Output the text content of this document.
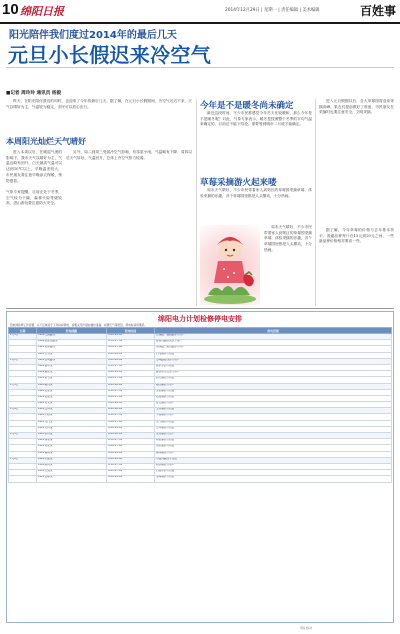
10 绵阳日报	2014年12月29日 | 星期一 | 责任编辑 | 美术编辑	百姓事
阳光陪伴我们度过2014年的最后几天
元旦小长假迟来冷空气
■记者 周玲玲 通讯员 杨毅

昨天，在阳光陪伴我们的同时，也迎来了今年的最后几天。据了解，在元旦小长假期间，冷空气迟迟不来，天气以晴好为主，气温较为稳定，市民可以放心出行。

本周阳光灿烂天气晴好

进入本周以后，在暖湿气流的影响下，我市天气以晴好为主，气温也略有回升，白天最高气温可以达到10℃以上，早晚温差较大，市民朋友要注意早晚添衣保暖，预防感冒。

气象专家提醒，目前正处于冬季，空气较为干燥，森林火险等级较高，进山游玩要注意防火安全。

另外，周二到周三受弱冷空气影响，有零星小雨，气温略有下降，周四以后天气转好，气温回升，总体上冷空气势力较弱。

今年是不是暖冬尚未确定

最近这段时间，不少市民都感觉今年冬天比较暖和，那么今年是不是暖冬呢？对此，气象专家表示，暖冬是按照整个冬季的平均气温来确定的，目前还不能下结论，需要等到明年二月底才能确定。

草莓采摘游火起来喽

周末天气晴好，不少市民带着家人到郊区的草莓园采摘草莓，体验采摘的乐趣，各个草莓园里都是人头攒动，十分热闹。

周末天气晴好，不少市民带着家人到郊区的草莓园采摘草莓，体验采摘的乐趣，各个草莓园里都是人头攒动，十分热闹。

进入元旦假期以后，各大草莓园将迎来采摘高峰，果农们提前做好了准备，市民朋友在采摘时也要注意安全，文明采摘。

据了解，今年草莓的价格与去年基本持平，普通品种每斤在15元到20元之间，一些新品种价格相对要高一些。

绵阳电力计划检修停电安排
因电网检修工作需要，以下区域将于下列时间停电，请相关用户提前做好准备。如遇天气等原因，停电时间将顺延。
日期	停电线路	停电时间	停电范围
1月1日	10kV红旗路线	8:00-18:00	红旗路、临园路部分用户
	10kV游仙西路线	8:30-17:30	游仙西路沿线部分用户
	10kV东津路线	9:00-17:00	东津路、富乐路部分用户
	10kV石马线	8:00-18:00	石马镇部分村组
1月2日	10kV涪城路线	8:00-18:00	涪城路沿线部分用户
	10kV高水线	8:30-17:30	高水乡部分村组
	10kV御营线	9:00-18:00	御营坝片区部分用户
	10kV新皂线	8:00-17:00	新皂镇部分村组
1月3日	10kV塘汛线	8:00-18:00	塘汛镇部分用户
	10kV吴家线	8:30-17:30	吴家镇部分村组
	10kV松垭线	9:00-17:00	松垭镇部分村组
	10kV青义线	8:00-18:00	青义镇部分用户
1月4日	10kV玉河线	8:00-18:00	玉河镇部分村组
	10kV丰谷线	8:30-17:30	丰谷镇部分用户
	10kV龙门线	9:00-17:00	龙门镇部分村组
	10kV忠兴线	8:00-18:00	忠兴镇部分村组
1月5日	10kV永兴线	8:00-18:00	永兴镇部分用户
	10kV杨家线	8:30-17:30	杨家镇部分村组
	10kV刘家线	9:00-17:00	刘家镇部分村组
	10kV魏城线	8:00-18:00	魏城镇部分用户
1月6日	10kV小枧线	8:00-18:00	小枧沟镇部分村组
	10kV新桥线	8:30-17:30	新桥镇部分用户
	10kV石洞线	9:00-17:00	石洞乡部分村组
	10kV金峰线	8:00-18:00	金峰镇部分村组
责任校对
